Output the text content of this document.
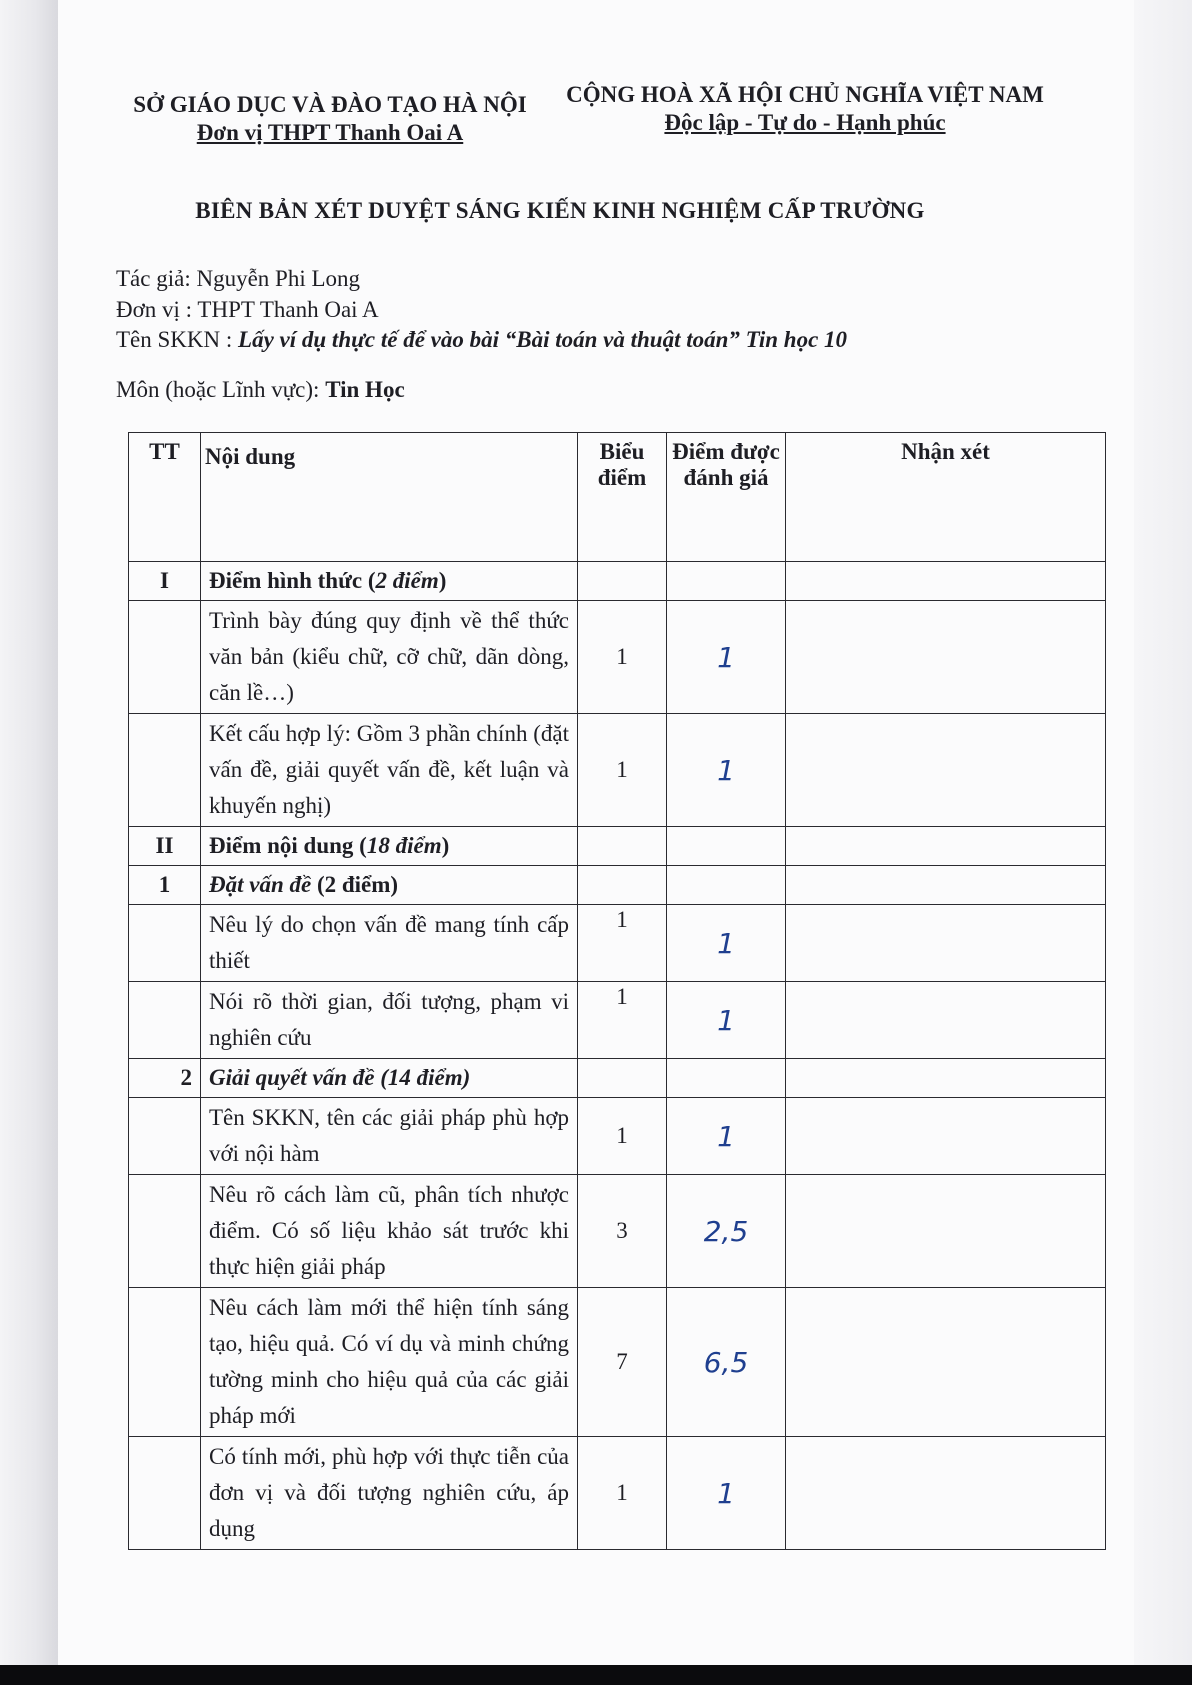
SỞ GIÁO DỤC VÀ ĐÀO TẠO HÀ NỘI
Đơn vị THPT Thanh Oai A
CỘNG HOÀ XÃ HỘI CHỦ NGHĨA VIỆT NAM
Độc lập - Tự do - Hạnh phúc
BIÊN BẢN XÉT DUYỆT SÁNG KIẾN KINH NGHIỆM CẤP TRƯỜNG
Tác giả: Nguyễn Phi Long
Đơn vị : THPT Thanh Oai A
Tên SKKN : Lấy ví dụ thực tế để vào bài “Bài toán và thuật toán” Tin học 10
Môn (hoặc Lĩnh vực): Tin Học
TT	Nội dung	Biểu điểm	Điểm được đánh giá	Nhận xét
I	Điểm hình thức (2 điểm)			
	Trình bày đúng quy định về thể thức văn bản (kiểu chữ, cỡ chữ, dãn dòng, căn lề…)	1	1	
	Kết cấu hợp lý: Gồm 3 phần chính (đặt vấn đề, giải quyết vấn đề, kết luận và khuyến nghị)	1	1	
II	Điểm nội dung (18 điểm)			
1	Đặt vấn đề (2 điểm)			
	Nêu lý do chọn vấn đề mang tính cấp thiết	1	1	
	Nói rõ thời gian, đối tượng, phạm vi nghiên cứu	1	1	
2	Giải quyết vấn đề (14 điểm)			
	Tên SKKN, tên các giải pháp phù hợp với nội hàm	1	1	
	Nêu rõ cách làm cũ, phân tích nhược điểm. Có số liệu khảo sát trước khi thực hiện giải pháp	3	2,5	
	Nêu cách làm mới thể hiện tính sáng tạo, hiệu quả. Có ví dụ và minh chứng tường minh cho hiệu quả của các giải pháp mới	7	6,5	
	Có tính mới, phù hợp với thực tiễn của đơn vị và đối tượng nghiên cứu, áp dụng	1	1	
